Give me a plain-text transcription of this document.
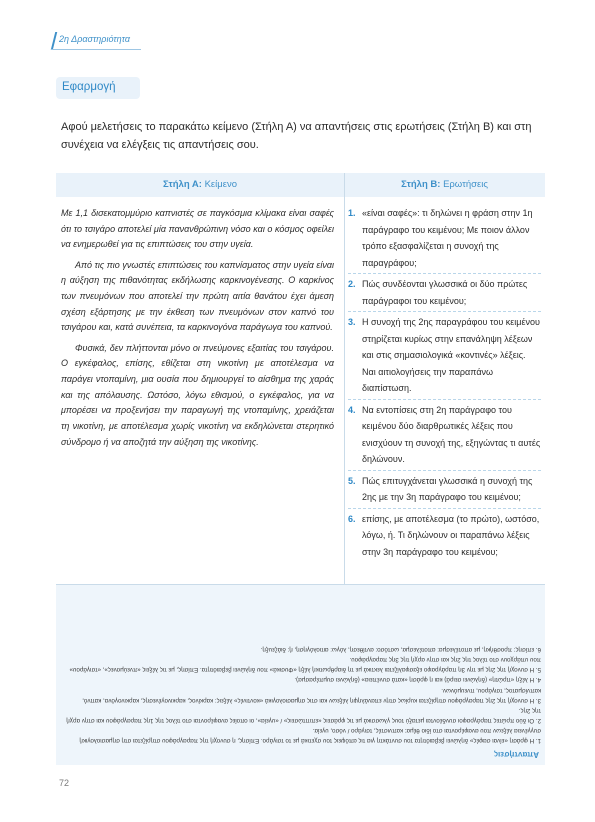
2η Δραστηριότητα
Εφαρμογή
Αφού μελετήσεις το παρακάτω κείμενο (Στήλη Α) να απαντήσεις στις ερωτήσεις (Στήλη Β) και στη συνέχεια να ελέγξεις τις απαντήσεις σου.
Στήλη Α: Κείμενο	Στήλη Β: Ερωτήσεις

Με 1,1 δισεκατομμύριο καπνιστές σε παγκόσμια κλίμακα είναι σαφές ότι το τσιγάρο αποτελεί μία πανανθρώπινη νόσο και ο κόσμος οφείλει να ενημερωθεί για τις επιπτώσεις του στην υγεία.

Από τις πιο γνωστές επιπτώσεις του καπνίσματος στην υγεία είναι η αύξηση της πιθανότητας εκδήλωσης καρκινογένεσης. Ο καρκίνος των πνευμόνων που αποτελεί την πρώτη αιτία θανάτου έχει άμεση σχέση εξάρτησης με την έκθεση των πνευμόνων στον καπνό του τσιγάρου και, κατά συνέπεια, τα καρκινογόνα παράγωγα του καπνού.

Φυσικά, δεν πλήττονται μόνο οι πνεύμονες εξαιτίας του τσιγάρου. Ο εγκέφαλος, επίσης, εθίζεται στη νικοτίνη με αποτέλεσμα να παράγει ντοπαμίνη, μια ουσία που δημιουργεί το αίσθημα της χαράς και της απόλαυσης. Ωστόσο, λόγω εθισμού, ο εγκέφαλος, για να μπορέσει να προξενήσει την παραγωγή της ντοπαμίνης, χρειάζεται τη νικοτίνη, με αποτέλεσμα χωρίς νικοτίνη να εκδηλώνεται στερητικό σύνδρομο ή να αποζητά την αύξηση της νικοτίνης.

1. «είναι σαφές»: τι δηλώνει η φράση στην 1η παράγραφο του κειμένου; Με ποιον άλλον τρόπο εξασφαλίζεται η συνοχή της παραγράφου;
2. Πώς συνδέονται γλωσσικά οι δύο πρώτες παράγραφοι του κειμένου;
3. Η συνοχή της 2ης παραγράφου του κειμένου στηρίζεται κυρίως στην επανάληψη λέξεων και στις σημασιολογικά «κοντινές» λέξεις. Ναι αιτιολογήσεις την παραπάνω διαπίστωση.
4. Να εντοπίσεις στη 2η παράγραφο του κειμένου δύο διαρθρωτικές λέξεις που ενισχύουν τη συνοχή της, εξηγώντας τι αυτές δηλώνουν.
5. Πώς επιτυγχάνεται γλωσσικά η συνοχή της 2ης με την 3η παράγραφο του κειμένου;
6. επίσης, με αποτέλεσμα (το πρώτο), ωστόσο, λόγω, ή. Τι δηλώνουν οι παραπάνω λέξεις στην 3η παράγραφο του κειμένου;
Απαντήσεις

1. Η φράση «είναι σαφές» δηλώνει βεβαιότητα του συντάκτη για τις απόψεις του σχετικά με το τσιγάρο. Επίσης, η συνοχή της παραγράφου στηρίζεται στη σημασιολογική συγγένεια λέξεων που αναφέρονται στο ίδιο θέμα: καπνιστές, τσιγάρο / νόσο, υγεία.

2. Οι δύο πρώτες παράγραφοι συνδέονται μεταξύ τους γλωσσικά με τις φράσεις «επιπτώσεις» / «υγεία», οι οποίες αναφέρονται στο τέλος της 1ης παραγράφου και στην αρχή της 2ης.

3. Η συνοχή της 2ης παραγράφου στηρίζεται κυρίως στην επανάληψη λέξεων και στις σημασιολογικά «κοντινές» λέξεις: καρκίνος, καρκινογένεσης, καρκινογόνα, καπνό, καπνίσματος, τσιγάρου, πνευμόνων.

4. Η λέξη «πρώτη» (δηλώνει σειρά) και η φράση «κατά συνέπεια» (δηλώνει συμπέρασμα).

5. Η συνοχή της 2ης με την 3η παράγραφο εξασφαλίζεται λεκτικά με τη διαρθρωτική λέξη «Φυσικά» που δηλώνει βεβαιότητα. Επίσης, με τις λέξεις «πνεύμονες», «τσιγάρου» που υπάρχουν στο τέλος της 2ης και στην αρχή της 3ης παραγράφου.

6. επίσης: προσθήκη, με αποτέλεσμα: αποτέλεσμα, ωστόσο: αντίθεση, λόγω: αιτιολόγηση, ή: διάζευξη.

72
